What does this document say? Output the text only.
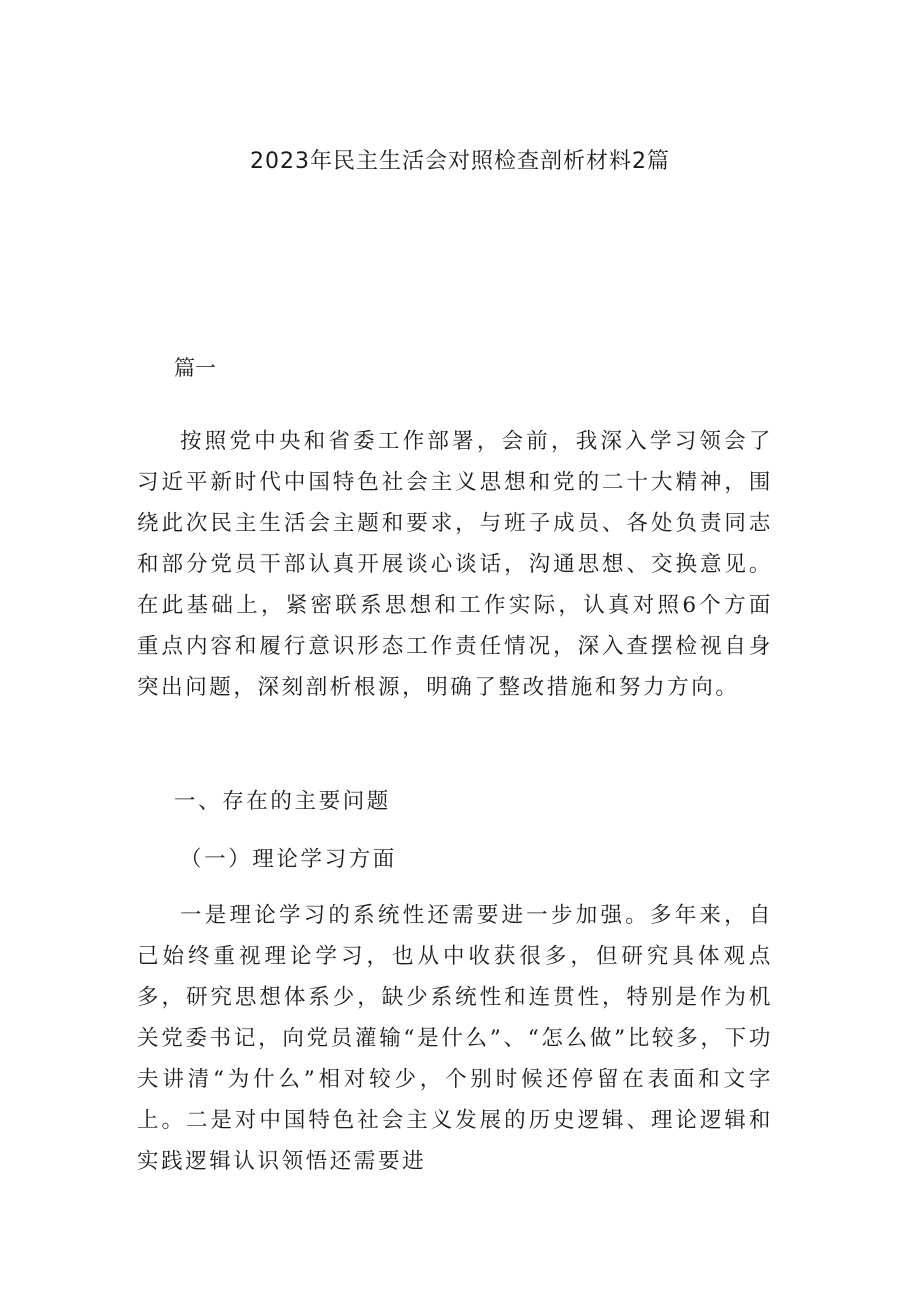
2023年民主生活会对照检查剖析材料2篇
篇一
按照党中央和省委工作部署，会前，我深入学习领会了习近平新时代中国特色社会主义思想和党的二十大精神，围绕此次民主生活会主题和要求，与班子成员、各处负责同志和部分党员干部认真开展谈心谈话，沟通思想、交换意见。在此基础上，紧密联系思想和工作实际，认真对照6个方面重点内容和履行意识形态工作责任情况，深入查摆检视自身突出问题，深刻剖析根源，明确了整改措施和努力方向。
一、存在的主要问题
（一）理论学习方面
一是理论学习的系统性还需要进一步加强。多年来，自己始终重视理论学习，也从中收获很多，但研究具体观点多，研究思想体系少，缺少系统性和连贯性，特别是作为机关党委书记，向党员灌输“是什么”、“怎么做”比较多，下功夫讲清“为什么”相对较少，个别时候还停留在表面和文字上。二是对中国特色社会主义发展的历史逻辑、理论逻辑和实践逻辑认识领悟还需要进
